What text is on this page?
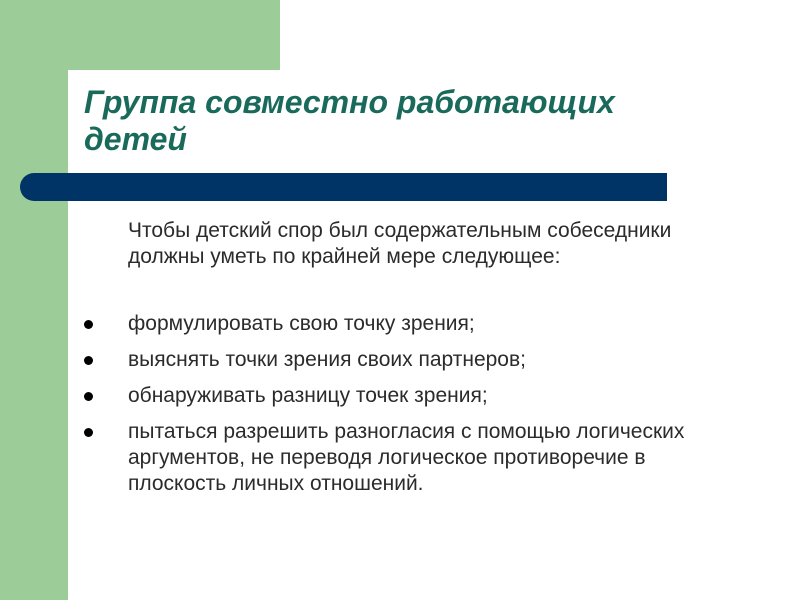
Группа совместно работающих детей

Чтобы детский спор был содержательным собеседники должны уметь по крайней мере следующее:

формулировать свою точку зрения;
выяснять точки зрения своих партнеров;
обнаруживать разницу точек зрения;
пытаться разрешить разногласия с помощью логических аргументов, не переводя логическое противоречие в плоскость личных отношений.
